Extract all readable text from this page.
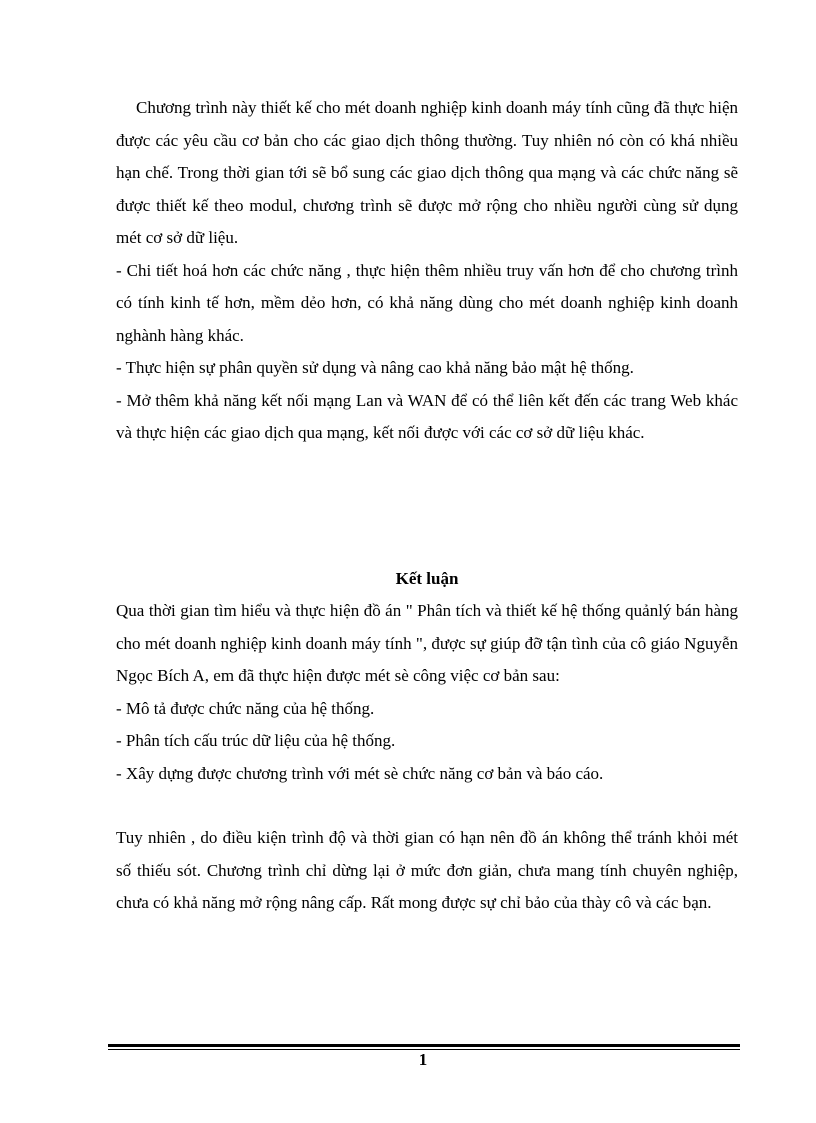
Chương trình này thiết kế cho mét doanh nghiệp kinh doanh máy tính cũng đã thực hiện được các yêu cầu cơ bản cho các giao dịch thông thường. Tuy nhiên nó còn có khá nhiều hạn chế. Trong thời gian tới sẽ bổ sung các giao dịch thông qua mạng và các chức năng sẽ được thiết kế theo modul, chương trình sẽ được mở rộng cho nhiều người cùng sử dụng mét cơ sở dữ liệu.

- Chi tiết hoá hơn các chức năng , thực hiện thêm nhiều truy vấn hơn để cho chương trình có tính kinh tế hơn, mềm dẻo hơn, có khả năng dùng cho mét doanh nghiệp kinh doanh nghành hàng khác.

- Thực hiện sự phân quyền sử dụng và nâng cao khả năng bảo mật hệ thống.

- Mở thêm khả năng kết nối mạng Lan và WAN để có thể liên kết đến các trang Web khác và thực hiện các giao dịch qua mạng, kết nối được với các cơ sở dữ liệu khác.

Kết luận

Qua thời gian tìm hiểu và thực hiện đồ án " Phân tích và thiết kế hệ thống quảnlý bán hàng cho mét doanh nghiệp kinh doanh máy tính ", được sự giúp đỡ tận tình của cô giáo Nguyễn Ngọc Bích A, em đã thực hiện được mét sè công việc cơ bản sau:

- Mô tả được chức năng của hệ thống.

- Phân tích cấu trúc dữ liệu của hệ thống.

- Xây dựng được chương trình với mét sè chức năng cơ bản và báo cáo.

Tuy nhiên , do điều kiện trình độ và thời gian có hạn nên đồ án không thể tránh khỏi mét số thiếu sót. Chương trình chỉ dừng lại ở mức đơn giản, chưa mang tính chuyên nghiệp, chưa có khả năng mở rộng nâng cấp. Rất mong được sự chỉ bảo của thày cô và các bạn.

1
